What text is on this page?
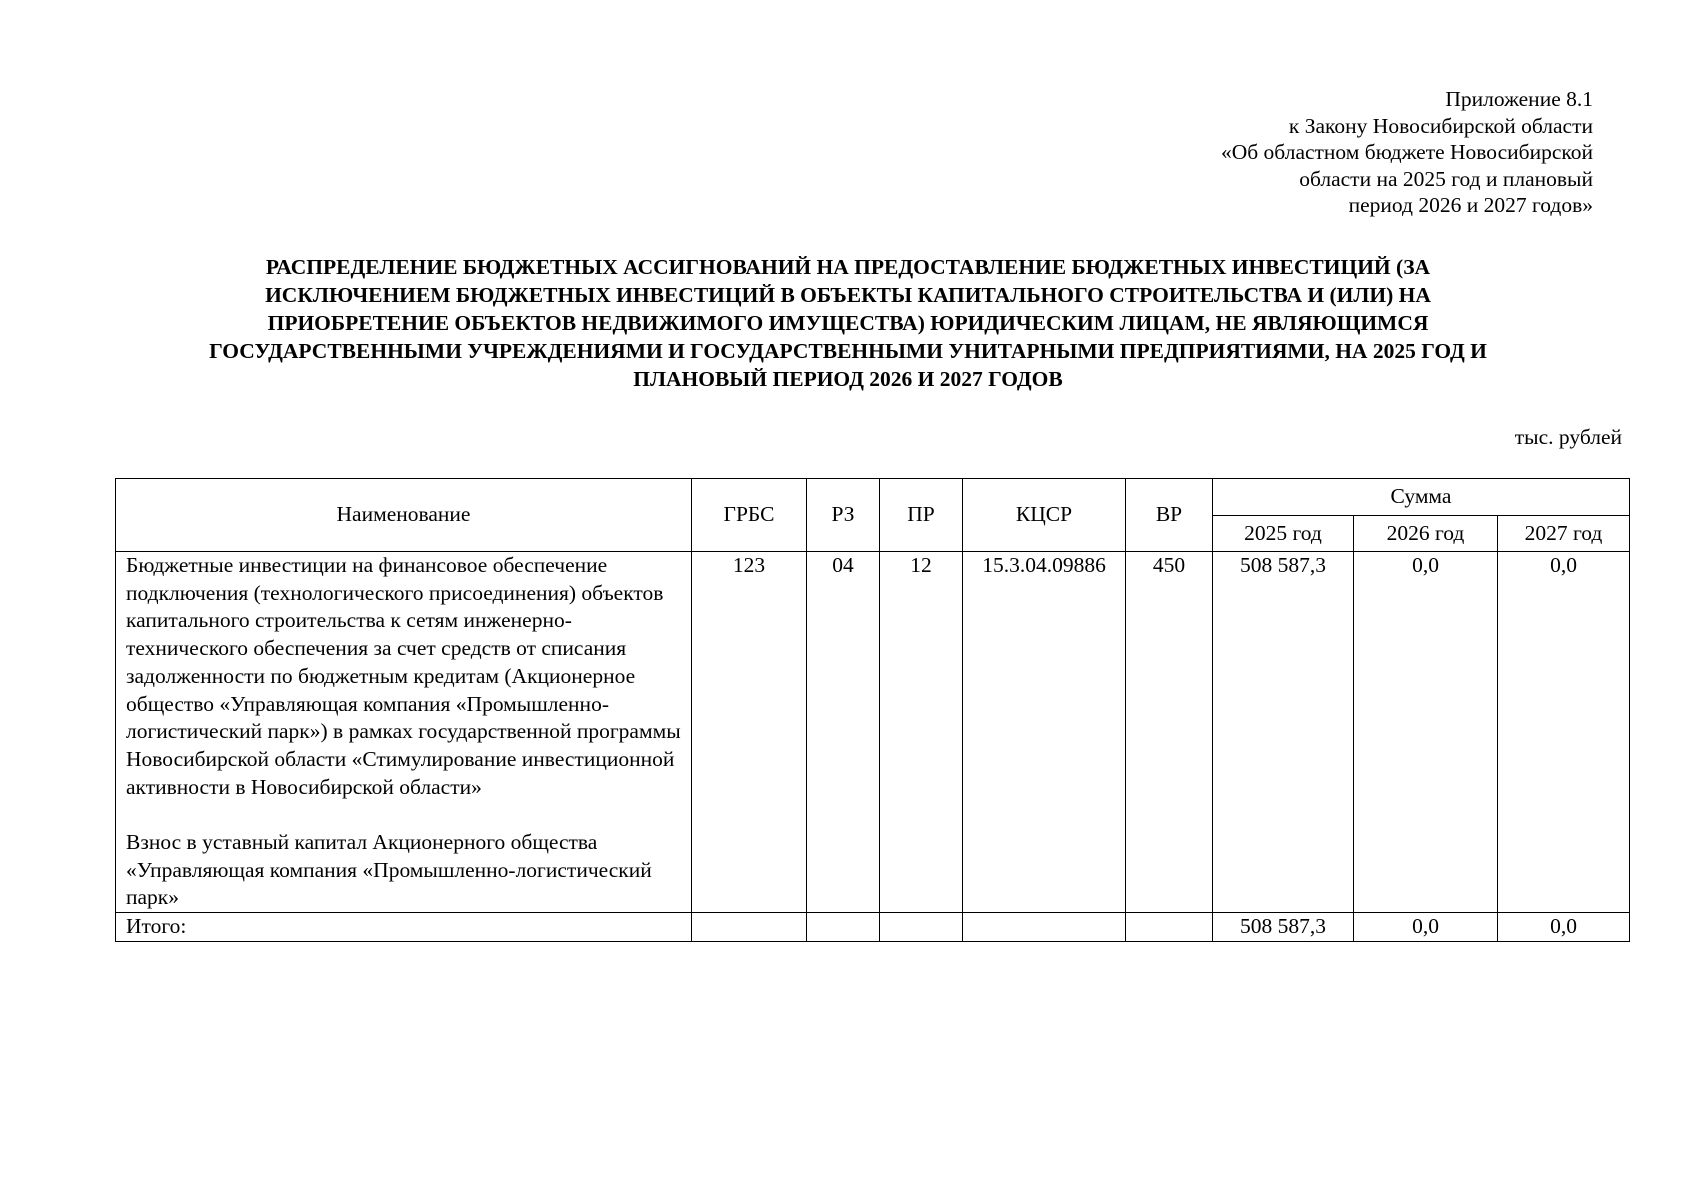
Приложение 8.1
к Закону Новосибирской области
«Об областном бюджете Новосибирской
области на 2025 год и плановый
период 2026 и 2027 годов»
РАСПРЕДЕЛЕНИЕ БЮДЖЕТНЫХ АССИГНОВАНИЙ НА ПРЕДОСТАВЛЕНИЕ БЮДЖЕТНЫХ ИНВЕСТИЦИЙ (ЗА
ИСКЛЮЧЕНИЕМ БЮДЖЕТНЫХ ИНВЕСТИЦИЙ В ОБЪЕКТЫ КАПИТАЛЬНОГО СТРОИТЕЛЬСТВА И (ИЛИ) НА
ПРИОБРЕТЕНИЕ ОБЪЕКТОВ НЕДВИЖИМОГО ИМУЩЕСТВА) ЮРИДИЧЕСКИМ ЛИЦАМ, НЕ ЯВЛЯЮЩИМСЯ
ГОСУДАРСТВЕННЫМИ УЧРЕЖДЕНИЯМИ И ГОСУДАРСТВЕННЫМИ УНИТАРНЫМИ ПРЕДПРИЯТИЯМИ, НА 2025 ГОД И
ПЛАНОВЫЙ ПЕРИОД 2026 И 2027 ГОДОВ
тыс. рублей
Наименование	ГРБС	РЗ	ПР	КЦСР	ВР	Сумма		
						2025 год	2026 год	2027 год
Бюджетные инвестиции на финансовое обеспечение подключения (технологического присоединения) объектов капитального строительства к сетям инженерно-технического обеспечения за счет средств от списания задолженности по бюджетным кредитам (Акционерное общество «Управляющая компания «Промышленно-логистический парк») в рамках государственной программы Новосибирской области «Стимулирование инвестиционной активности в Новосибирской области»
Взнос в уставный капитал Акционерного общества «Управляющая компания «Промышленно-логистический парк»	123	04	12	15.3.04.09886	450	508 587,3	0,0	0,0
Итого:						508 587,3	0,0	0,0
